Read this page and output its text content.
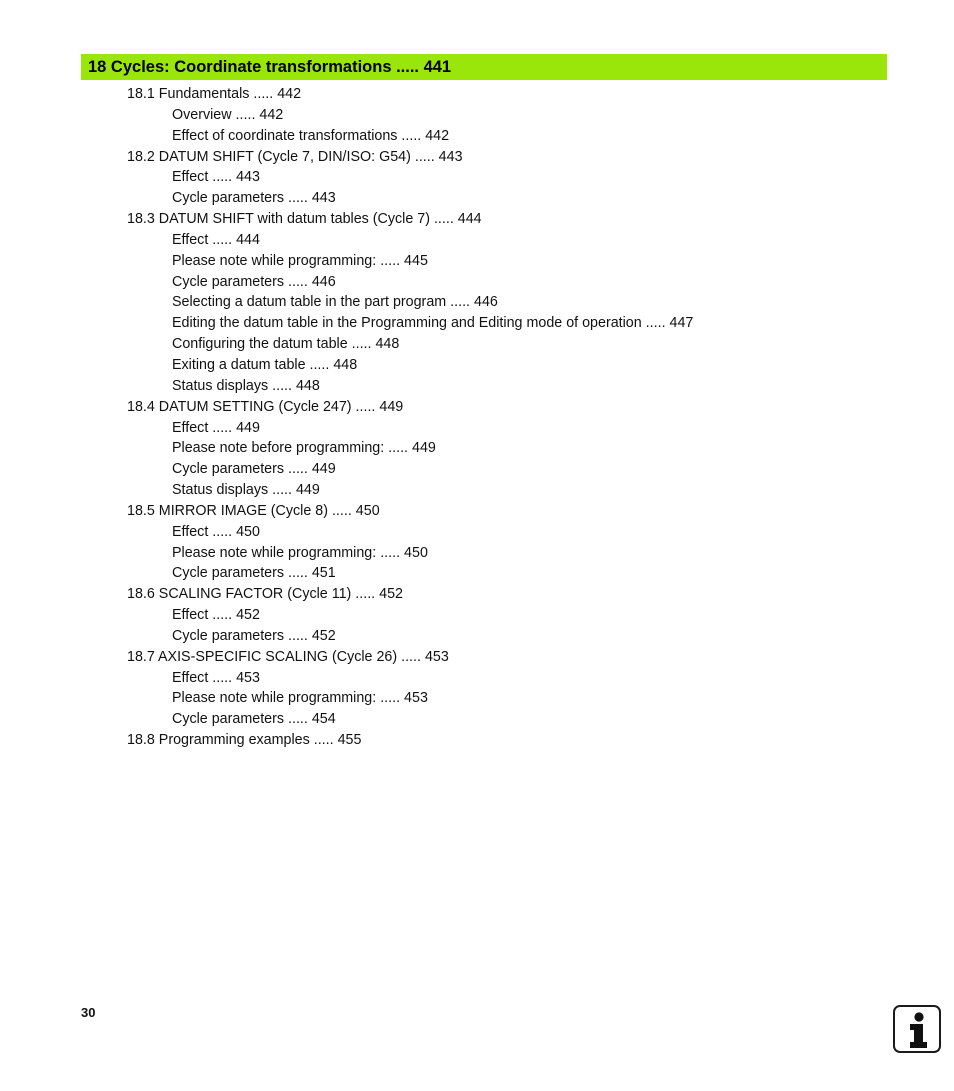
18 Cycles: Coordinate transformations ..... 441
18.1 Fundamentals ..... 442
Overview ..... 442
Effect of coordinate transformations ..... 442
18.2 DATUM SHIFT (Cycle 7, DIN/ISO: G54) ..... 443
Effect ..... 443
Cycle parameters ..... 443
18.3 DATUM SHIFT with datum tables (Cycle 7) ..... 444
Effect ..... 444
Please note while programming: ..... 445
Cycle parameters ..... 446
Selecting a datum table in the part program ..... 446
Editing the datum table in the Programming and Editing mode of operation ..... 447
Configuring the datum table ..... 448
Exiting a datum table ..... 448
Status displays ..... 448
18.4 DATUM SETTING (Cycle 247) ..... 449
Effect ..... 449
Please note before programming: ..... 449
Cycle parameters ..... 449
Status displays ..... 449
18.5 MIRROR IMAGE (Cycle 8) ..... 450
Effect ..... 450
Please note while programming: ..... 450
Cycle parameters ..... 451
18.6 SCALING FACTOR (Cycle 11) ..... 452
Effect ..... 452
Cycle parameters ..... 452
18.7 AXIS-SPECIFIC SCALING (Cycle 26) ..... 453
Effect ..... 453
Please note while programming: ..... 453
Cycle parameters ..... 454
18.8 Programming examples ..... 455
30
